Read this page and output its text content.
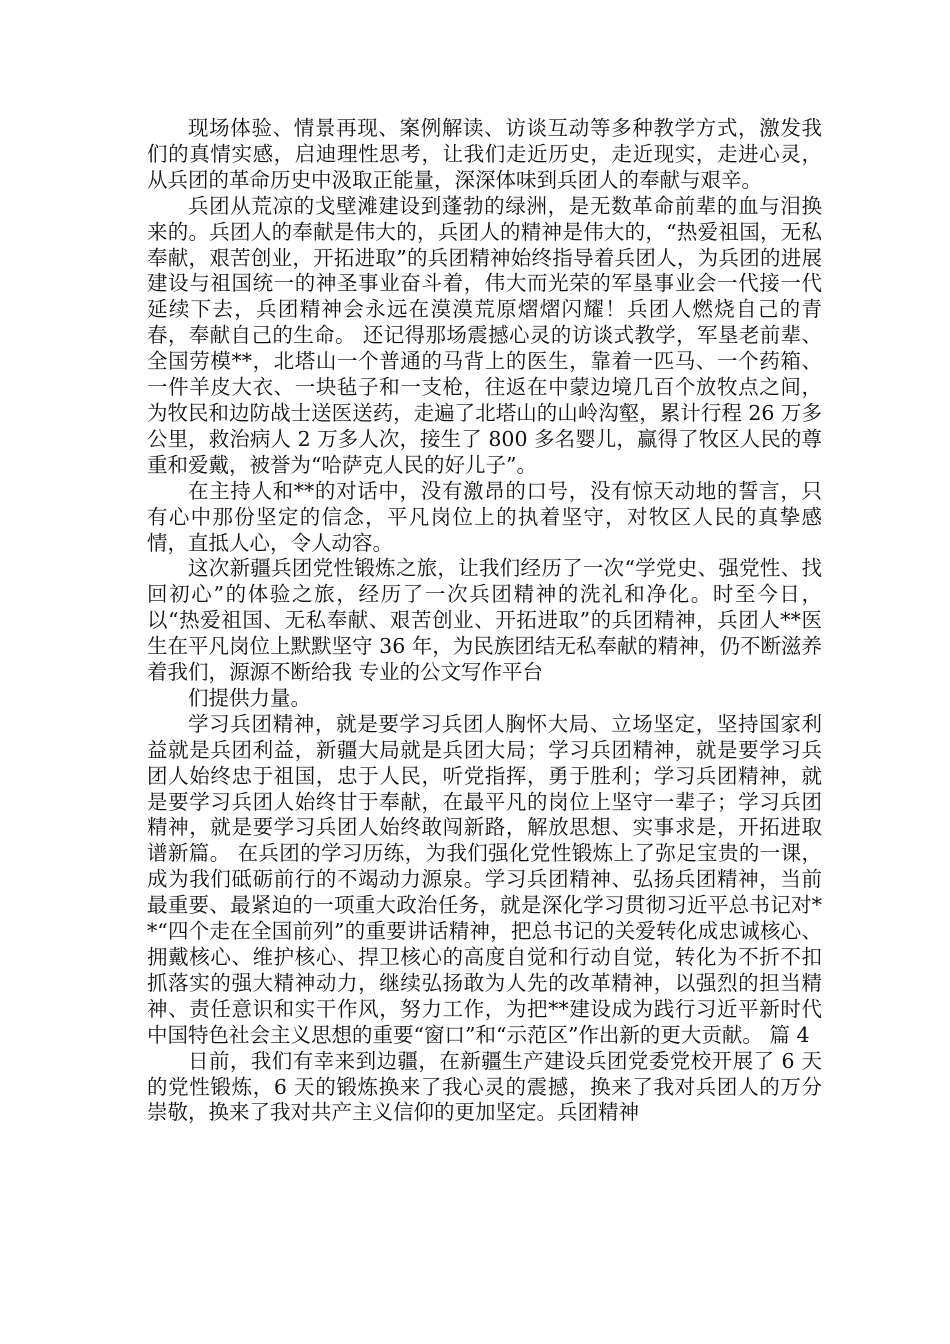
现场体验、情景再现、案例解读、访谈互动等多种教学方式，激发我们的真情实感，启迪理性思考，让我们走近历史，走近现实，走进心灵，从兵团的革命历史中汲取正能量，深深体味到兵团人的奉献与艰辛。

兵团从荒凉的戈壁滩建设到蓬勃的绿洲，是无数革命前辈的血与泪换来的。兵团人的奉献是伟大的，兵团人的精神是伟大的，“热爱祖国，无私奉献，艰苦创业，开拓进取”的兵团精神始终指导着兵团人，为兵团的进展建设与祖国统一的神圣事业奋斗着，伟大而光荣的军垦事业会一代接一代延续下去，兵团精神会永远在漠漠荒原熠熠闪耀！兵团人燃烧自己的青春，奉献自己的生命。 还记得那场震撼心灵的访谈式教学，军垦老前辈、全国劳模**，北塔山一个普通的马背上的医生，靠着一匹马、一个药箱、一件羊皮大衣、一块毡子和一支枪，往返在中蒙边境几百个放牧点之间，为牧民和边防战士送医送药，走遍了北塔山的山岭沟壑，累计行程 26 万多公里，救治病人 2 万多人次，接生了 800 多名婴儿，赢得了牧区人民的尊重和爱戴，被誉为“哈萨克人民的好儿子”。

在主持人和**的对话中，没有激昂的口号，没有惊天动地的誓言，只有心中那份坚定的信念，平凡岗位上的执着坚守，对牧区人民的真挚感情，直抵人心，令人动容。

这次新疆兵团党性锻炼之旅，让我们经历了一次“学党史、强党性、找回初心”的体验之旅，经历了一次兵团精神的洗礼和净化。时至今日，以“热爱祖国、无私奉献、艰苦创业、开拓进取”的兵团精神，兵团人**医生在平凡岗位上默默坚守 36 年，为民族团结无私奉献的精神，仍不断滋养着我们，源源不断给我 专业的公文写作平台

们提供力量。

学习兵团精神，就是要学习兵团人胸怀大局、立场坚定，坚持国家利益就是兵团利益，新疆大局就是兵团大局；学习兵团精神，就是要学习兵团人始终忠于祖国，忠于人民，听党指挥，勇于胜利；学习兵团精神，就是要学习兵团人始终甘于奉献，在最平凡的岗位上坚守一辈子；学习兵团精神，就是要学习兵团人始终敢闯新路，解放思想、实事求是，开拓进取谱新篇。 在兵团的学习历练，为我们强化党性锻炼上了弥足宝贵的一课，成为我们砥砺前行的不竭动力源泉。学习兵团精神、弘扬兵团精神，当前最重要、最紧迫的一项重大政治任务，就是深化学习贯彻习近平总书记对**“四个走在全国前列”的重要讲话精神，把总书记的关爱转化成忠诚核心、拥戴核心、维护核心、捍卫核心的高度自觉和行动自觉，转化为不折不扣抓落实的强大精神动力，继续弘扬敢为人先的改革精神，以强烈的担当精神、责任意识和实干作风，努力工作，为把**建设成为践行习近平新时代中国特色社会主义思想的重要“窗口”和“示范区”作出新的更大贡献。 篇 4

日前，我们有幸来到边疆，在新疆生产建设兵团党委党校开展了 6 天的党性锻炼，6 天的锻炼换来了我心灵的震撼，换来了我对兵团人的万分崇敬，换来了我对共产主义信仰的更加坚定。兵团精神
